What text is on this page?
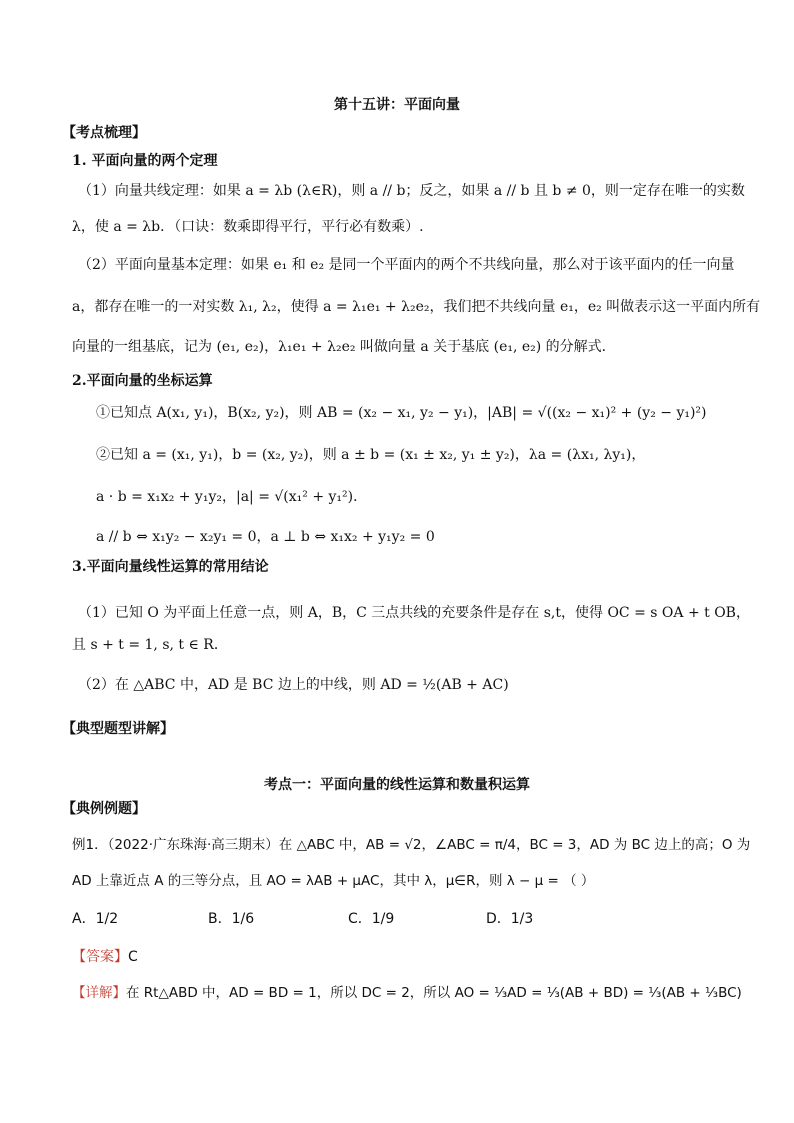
第十五讲：平面向量
【考点梳理】
1. 平面向量的两个定理
（1）向量共线定理：如果 a = λb (λ∈R)，则 a // b；反之，如果 a // b 且 b ≠ 0，则一定存在唯一的实数
λ，使 a = λb．（口诀：数乘即得平行，平行必有数乘）.
（2）平面向量基本定理：如果 e₁ 和 e₂ 是同一个平面内的两个不共线向量，那么对于该平面内的任一向量
a，都存在唯一的一对实数 λ₁, λ₂，使得 a = λ₁e₁ + λ₂e₂，我们把不共线向量 e₁，e₂ 叫做表示这一平面内所有
向量的一组基底，记为 (e₁, e₂)，λ₁e₁ + λ₂e₂ 叫做向量 a 关于基底 (e₁, e₂) 的分解式．
2.平面向量的坐标运算
①已知点 A(x₁, y₁)，B(x₂, y₂)，则 AB = (x₂ − x₁, y₂ − y₁)，|AB| = √((x₂ − x₁)² + (y₂ − y₁)²)
②已知 a = (x₁, y₁)，b = (x₂, y₂)，则 a ± b = (x₁ ± x₂, y₁ ± y₂)，λa = (λx₁, λy₁)，
a · b = x₁x₂ + y₁y₂，|a| = √(x₁² + y₁²)．
a // b ⇔ x₁y₂ − x₂y₁ = 0，a ⊥ b ⇔ x₁x₂ + y₁y₂ = 0
3.平面向量线性运算的常用结论
（1）已知 O 为平面上任意一点，则 A，B，C 三点共线的充要条件是存在 s,t，使得 OC = s OA + t OB，
且 s + t = 1, s, t ∈ R．
（2）在 △ABC 中，AD 是 BC 边上的中线，则 AD = ½(AB + AC)
【典型题型讲解】
考点一：平面向量的线性运算和数量积运算
【典例例题】
例1．（2022·广东珠海·高三期末）在 △ABC 中，AB = √2，∠ABC = π/4，BC = 3，AD 为 BC 边上的高；O 为
AD 上靠近点 A 的三等分点，且 AO = λAB + μAC，其中 λ，μ∈R，则 λ − μ = （ ）
A．1/2	B．1/6	C．1/9	D．1/3
【答案】C
【详解】在 Rt△ABD 中，AD = BD = 1，所以 DC = 2，所以 AO = ⅓AD = ⅓(AB + BD) = ⅓(AB + ⅓BC)
